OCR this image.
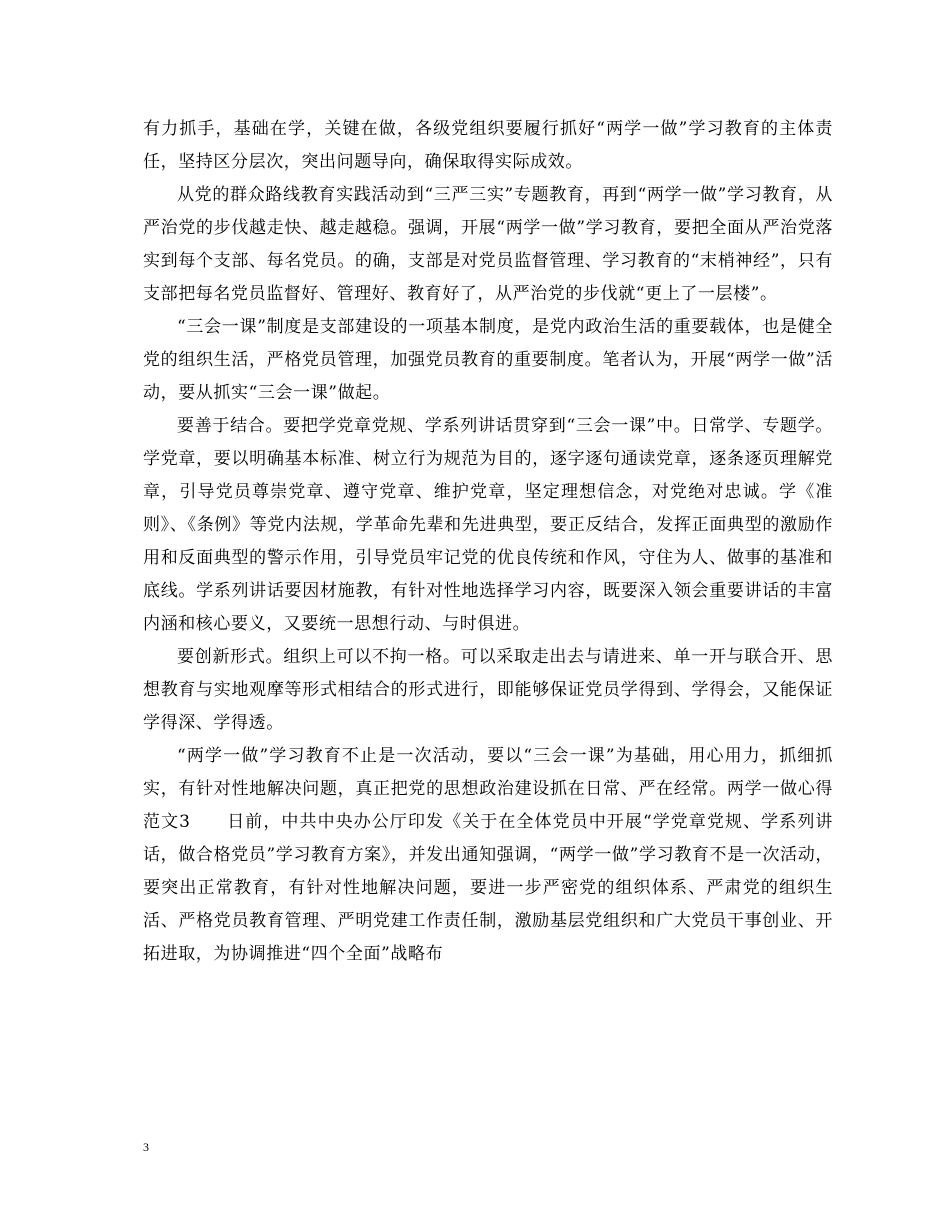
有力抓手，基础在学，关键在做，各级党组织要履行抓好“两学一做”学习教育的主体责任，坚持区分层次，突出问题导向，确保取得实际成效。

从党的群众路线教育实践活动到“三严三实”专题教育，再到“两学一做”学习教育，从严治党的步伐越走快、越走越稳。强调，开展“两学一做”学习教育，要把全面从严治党落实到每个支部、每名党员。的确，支部是对党员监督管理、学习教育的“末梢神经”，只有支部把每名党员监督好、管理好、教育好了，从严治党的步伐就“更上了一层楼”。

“三会一课”制度是支部建设的一项基本制度，是党内政治生活的重要载体，也是健全党的组织生活，严格党员管理，加强党员教育的重要制度。笔者认为，开展“两学一做”活动，要从抓实“三会一课”做起。

要善于结合。要把学党章党规、学系列讲话贯穿到“三会一课”中。日常学、专题学。学党章，要以明确基本标准、树立行为规范为目的，逐字逐句通读党章，逐条逐页理解党章，引导党员尊崇党章、遵守党章、维护党章，坚定理想信念，对党绝对忠诚。学《准则》、《条例》等党内法规，学革命先辈和先进典型，要正反结合，发挥正面典型的激励作用和反面典型的警示作用，引导党员牢记党的优良传统和作风，守住为人、做事的基准和底线。学系列讲话要因材施教，有针对性地选择学习内容，既要深入领会重要讲话的丰富内涵和核心要义，又要统一思想行动、与时俱进。

要创新形式。组织上可以不拘一格。可以采取走出去与请进来、单一开与联合开、思想教育与实地观摩等形式相结合的形式进行，即能够保证党员学得到、学得会，又能保证学得深、学得透。

“两学一做”学习教育不止是一次活动，要以“三会一课”为基础，用心用力，抓细抓实，有针对性地解决问题，真正把党的思想政治建设抓在日常、严在经常。两学一做心得范文3　　日前，中共中央办公厅印发《关于在全体党员中开展“学党章党规、学系列讲话，做合格党员”学习教育方案》，并发出通知强调，“两学一做”学习教育不是一次活动，要突出正常教育，有针对性地解决问题，要进一步严密党的组织体系、严肃党的组织生活、严格党员教育管理、严明党建工作责任制，激励基层党组织和广大党员干事创业、开拓进取，为协调推进“四个全面”战略布

3
